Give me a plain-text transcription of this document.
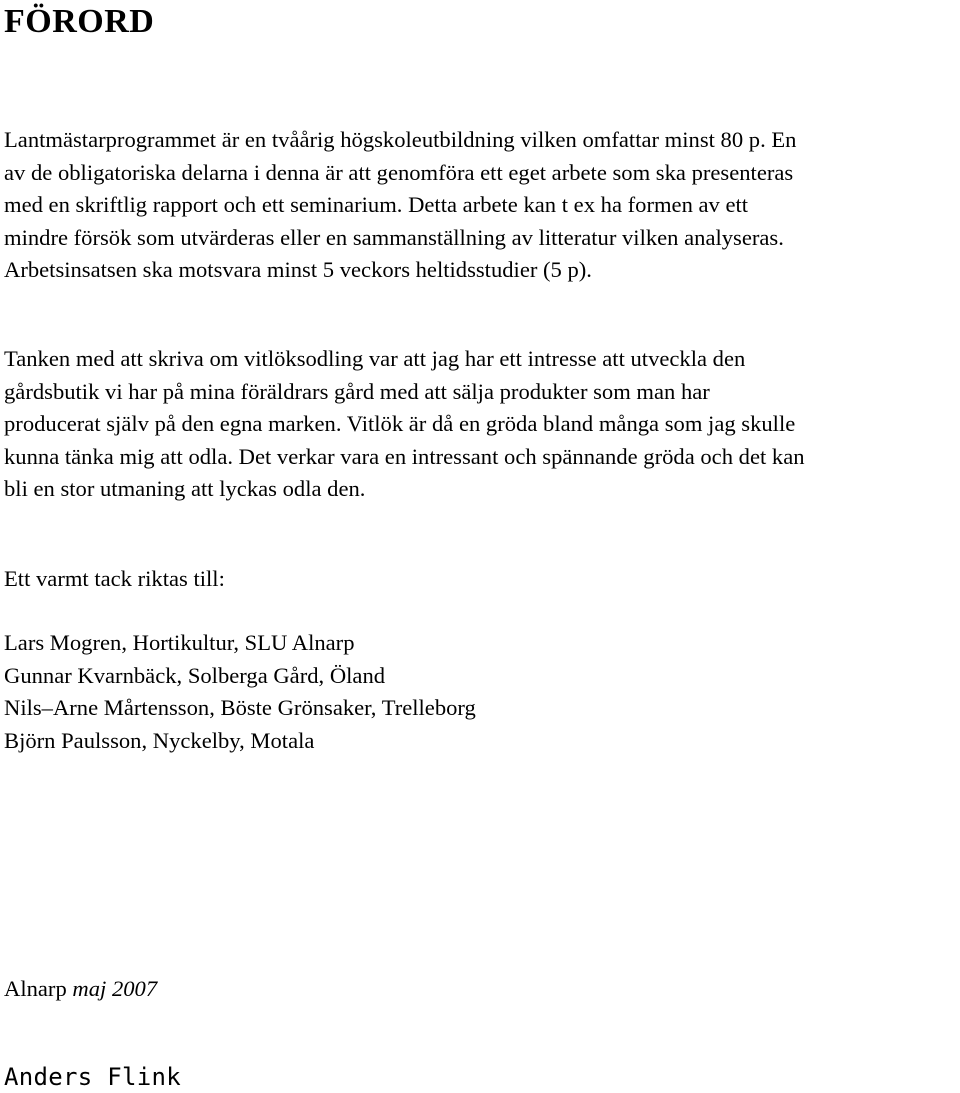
FÖRORD

Lantmästarprogrammet är en tvåårig högskoleutbildning vilken omfattar minst 80 p. En
av de obligatoriska delarna i denna är att genomföra ett eget arbete som ska presenteras
med en skriftlig rapport och ett seminarium. Detta arbete kan t ex ha formen av ett
mindre försök som utvärderas eller en sammanställning av litteratur vilken analyseras.
Arbetsinsatsen ska motsvara minst 5 veckors heltidsstudier (5 p).

Tanken med att skriva om vitlöksodling var att jag har ett intresse att utveckla den
gårdsbutik vi har på mina föräldrars gård med att sälja produkter som man har
producerat själv på den egna marken. Vitlök är då en gröda bland många som jag skulle
kunna tänka mig att odla. Det verkar vara en intressant och spännande gröda och det kan
bli en stor utmaning att lyckas odla den.

Ett varmt tack riktas till:

Lars Mogren, Hortikultur, SLU Alnarp
Gunnar Kvarnbäck, Solberga Gård, Öland
Nils–Arne Mårtensson, Böste Grönsaker, Trelleborg
Björn Paulsson, Nyckelby, Motala

Alnarp maj 2007

Anders Flink
